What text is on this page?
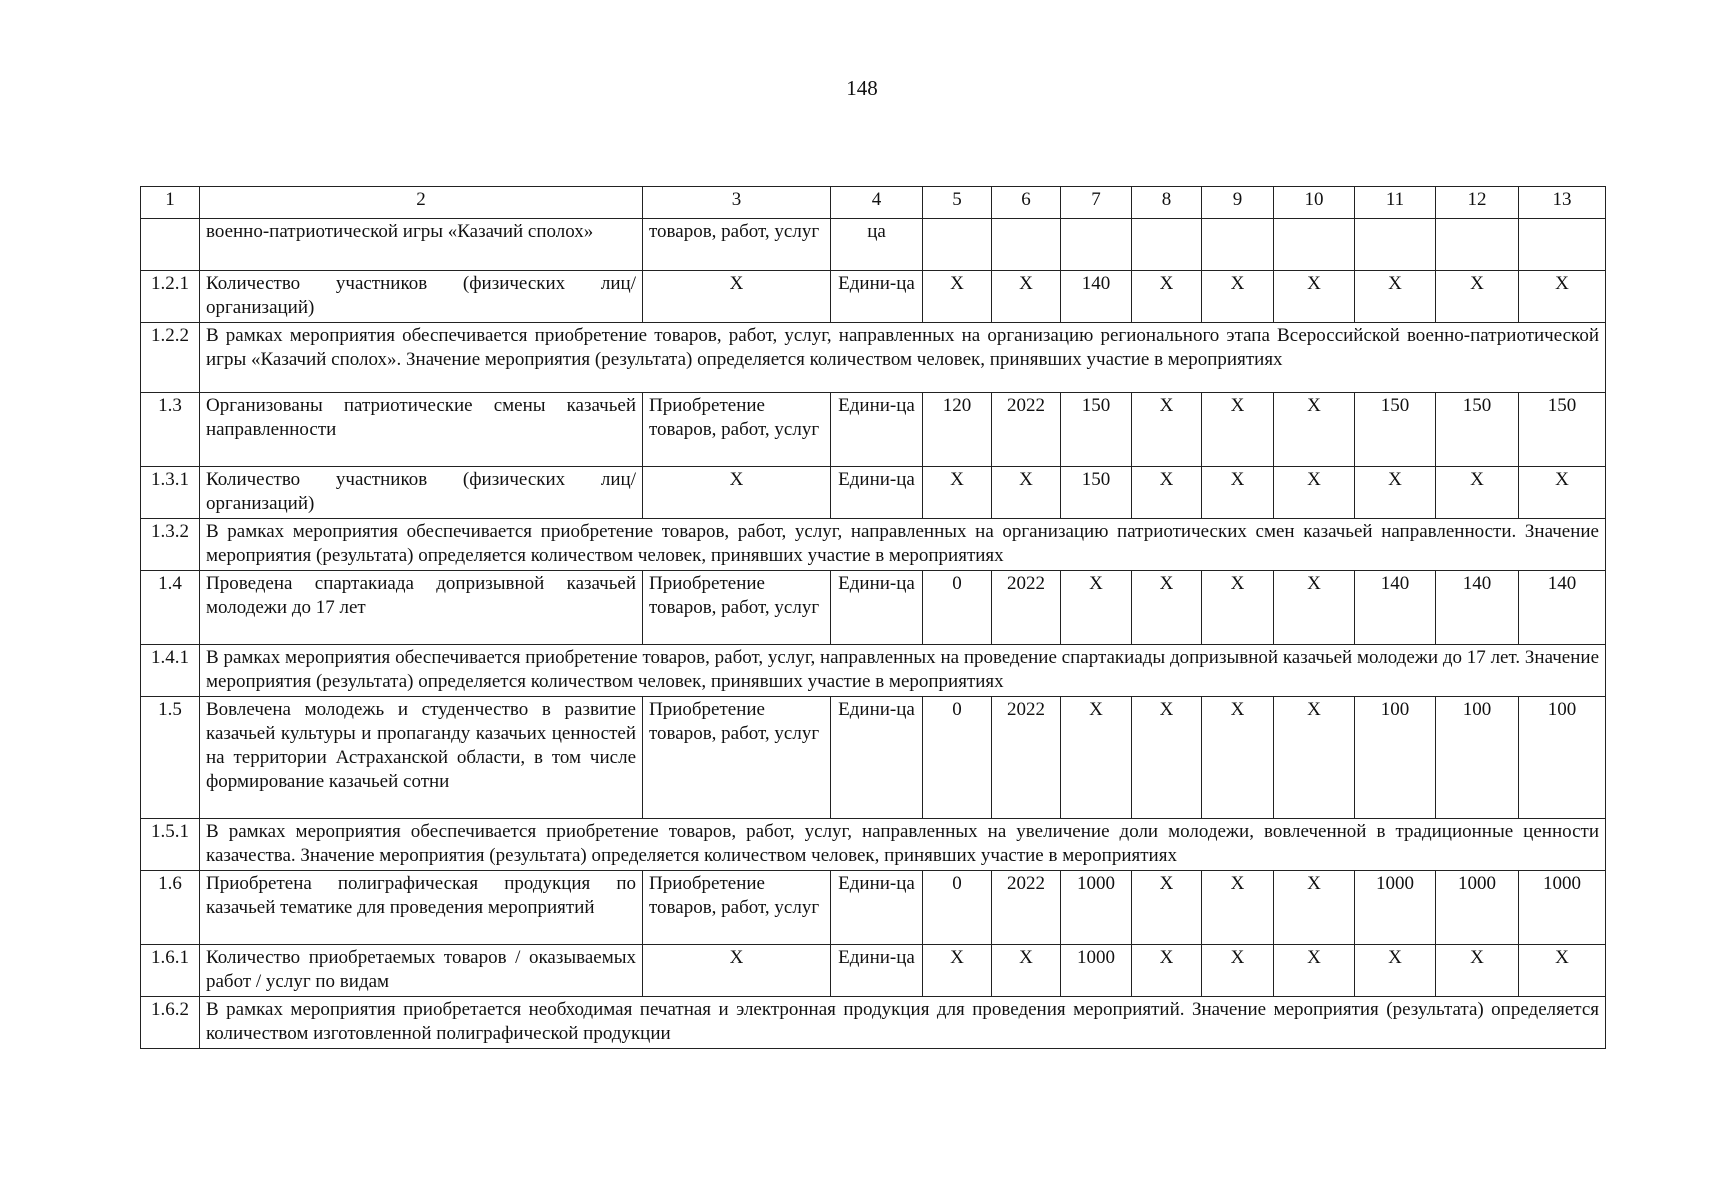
148
1	2	3	4	5	6	7	8	9	10	11	12	13
	военно-патриотической игры «Казачий сполох»	товаров, работ, услуг	ца									
1.2.1	Количество участников (физических лиц/организаций)	X	Едини-ца	X	X	140	X	X	X	X	X	X
1.2.2	В рамках мероприятия обеспечивается приобретение товаров, работ, услуг, направленных на организацию регионального этапа Всероссийской военно-патриотической игры «Казачий сполох». Значение мероприятия (результата) определяется количеством человек, принявших участие в мероприятиях											
1.3	Организованы патриотические смены казачьей направленности	Приобретение товаров, работ, услуг	Едини-ца	120	2022	150	X	X	X	150	150	150
1.3.1	Количество участников (физических лиц/организаций)	X	Едини-ца	X	X	150	X	X	X	X	X	X
1.3.2	В рамках мероприятия обеспечивается приобретение товаров, работ, услуг, направленных на организацию патриотических смен казачьей направленности. Значение мероприятия (результата) определяется количеством человек, принявших участие в мероприятиях											
1.4	Проведена спартакиада допризывной казачьей молодежи до 17 лет	Приобретение товаров, работ, услуг	Едини-ца	0	2022	X	X	X	X	140	140	140
1.4.1	В рамках мероприятия обеспечивается приобретение товаров, работ, услуг, направленных на проведение спартакиады допризывной казачьей молодежи до 17 лет. Значение мероприятия (результата) определяется количеством человек, принявших участие в мероприятиях											
1.5	Вовлечена молодежь и студенчество в развитие казачьей культуры и пропаганду казачьих ценностей на территории Астраханской области, в том числе формирование казачьей сотни	Приобретение товаров, работ, услуг	Едини-ца	0	2022	X	X	X	X	100	100	100
1.5.1	В рамках мероприятия обеспечивается приобретение товаров, работ, услуг, направленных на увеличение доли молодежи, вовлеченной в традиционные ценности казачества. Значение мероприятия (результата) определяется количеством человек, принявших участие в мероприятиях											
1.6	Приобретена полиграфическая продукция по казачьей тематике для проведения мероприятий	Приобретение товаров, работ, услуг	Едини-ца	0	2022	1000	X	X	X	1000	1000	1000
1.6.1	Количество приобретаемых товаров / оказываемых работ / услуг по видам	X	Едини-ца	X	X	1000	X	X	X	X	X	X
1.6.2	В рамках мероприятия приобретается необходимая печатная и электронная продукция для проведения мероприятий. Значение мероприятия (результата) определяется количеством изготовленной полиграфической продукции											
